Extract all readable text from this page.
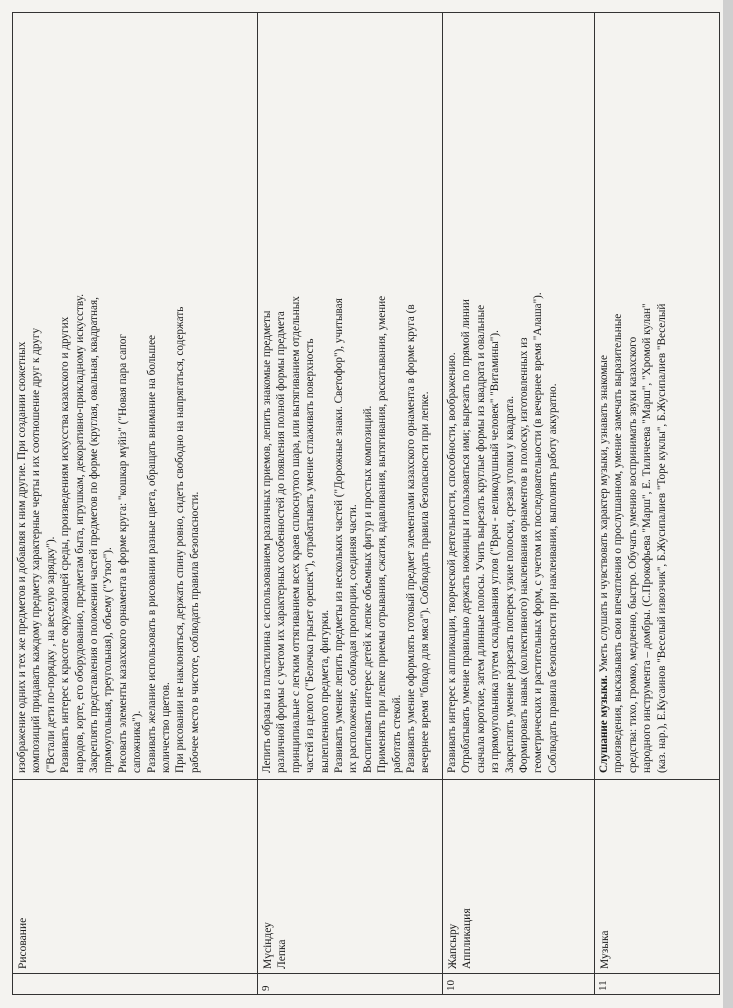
Рисование

изображение одних и тех же предметов и добавляя к ним другие. При создании сюжетных композиций придавать каждому предмету характерные черты и их соотношение друг к другу ("Встали дети по-порядку , на веселую зарядку"). Развивать интерес к красоте окружающей среды, произведениям искусства казахского и других народов, юрте, его оборудованию, предметам быта, игрушкам, декоративно-прикладному искусству. Закреплять представления о положении частей предметов по форме (круглая, овальная, квадратная, прямоугольная, треугольная), объему ("Утюг"). Рисовать элементы казахского орнамента в форме круга: "кошкар мүйіз" ("Новая пара сапог сапожника"). Развивать желание использовать в рисовании разные цвета, обращать внимание на большее количество цветов. При рисовании не наклоняться, держать спину ровно, сидеть свободно на напрягаться, содержать рабочее место в чистоте, соблюдать правила безопасности.

9
Мүсіндеу Лепка

Лепить образы из пластилина с использованием различных приемов, лепить знакомые предметы различной формы с учетом их характерных особенностей до появления полной формы предмета принципиальне с легким оттягиванием всех краев сплюснутого шара, или вытягиванием отдельных частей из целого ("Белочка грызет орешек"), отрабатывать умение сглаживать поверхность вылепленного предмета, фигурки. Развивать умение лепить предметы из нескольких частей ("Дорожные знаки. Светофор"), учитывая их расположение, соблюдая пропорции, соединяя части. Воспитывать интерес детей к лепке объемных фигур и простых композиций. Применять при лепке приемы отрывания, сжатия, вдавливания, вытягивания, раскатывания, умение работать стекой. Развивать умение оформлять готовый предмет элементами казахского орнамента в форме круга (в вечернее время "блюдо для мяса"). Соблюдать правила безопасности при лепке.

10
Жапсыру Аппликация

Развивать интерес к аппликации, творческой деятельности, способности, воображению. Отрабатывать умение правильно держать ножницы и пользоваться ими; вырезать по прямой линии сначала короткие, затем длинные полосы. Учить вырезать круглые формы из квадрата и овальные из прямоугольника путем складывания углов ("Врач - великодушный человек" "Витамины"). Закреплять умение разрезать поперек узкие полоски, срезая уголки у квадрата. Формировать навык (коллективного) наклеивания орнаментов в полоску, изготовленных из геометрических и растительных форм, с учетом их последовательности (в вечернее время "Алаша"). Соблюдать правила безопасности при наклеивании, выполнять работу аккуратно.

11
Музыка

Слушание музыки. Уметь слушать и чувствовать характер музыки, узнавать знакомые произведения, высказывать свои впечатления о прослушанном, умение замечать выразительные средства: тихо, громко, медленно, быстро. Обучать умению воспринимать звуки казахского народного инструмента – домбры. (С.Прокофьева "Марш", Е. Тиличеева "Марш", "Хромой кулан" (каз. нар.), Е.Кусаинов "Веселый извозчик", Б.Жусипалиев "Торе куклы", Б.Жусипалиев "Веселый
